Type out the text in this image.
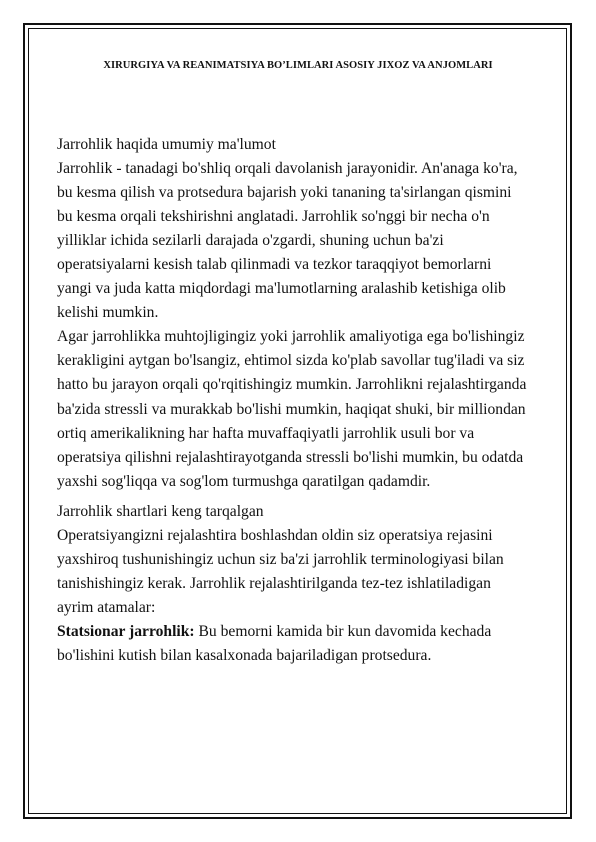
XIRURGIYA VA REANIMATSIYA BO’LIMLARI ASOSIY JIXOZ VA ANJOMLARI

Jarrohlik haqida umumiy ma'lumot

Jarrohlik - tanadagi bo'shliq orqali davolanish jarayonidir. An'anaga ko'ra,

bu kesma qilish va protsedura bajarish yoki tananing ta'sirlangan qismini

bu kesma orqali tekshirishni anglatadi. Jarrohlik so'nggi bir necha o'n

yilliklar ichida sezilarli darajada o'zgardi, shuning uchun ba'zi

operatsiyalarni kesish talab qilinmadi va tezkor taraqqiyot bemorlarni

yangi va juda katta miqdordagi ma'lumotlarning aralashib ketishiga olib

kelishi mumkin.

Agar jarrohlikka muhtojligingiz yoki jarrohlik amaliyotiga ega bo'lishingiz

kerakligini aytgan bo'lsangiz, ehtimol sizda ko'plab savollar tug'iladi va siz

hatto bu jarayon orqali qo'rqitishingiz mumkin. Jarrohlikni rejalashtirganda

ba'zida stressli va murakkab bo'lishi mumkin, haqiqat shuki, bir milliondan

ortiq amerikalikning har hafta muvaffaqiyatli jarrohlik usuli bor va

operatsiya qilishni rejalashtirayotganda stressli bo'lishi mumkin, bu odatda

yaxshi sog'liqqa va sog'lom turmushga qaratilgan qadamdir.

Jarrohlik shartlari keng tarqalgan

Operatsiyangizni rejalashtira boshlashdan oldin siz operatsiya rejasini

yaxshiroq tushunishingiz uchun siz ba'zi jarrohlik terminologiyasi bilan

tanishishingiz kerak. Jarrohlik rejalashtirilganda tez-tez ishlatiladigan

ayrim atamalar:

Statsionar jarrohlik: Bu bemorni kamida bir kun davomida kechada

bo'lishini kutish bilan kasalxonada bajariladigan protsedura.
